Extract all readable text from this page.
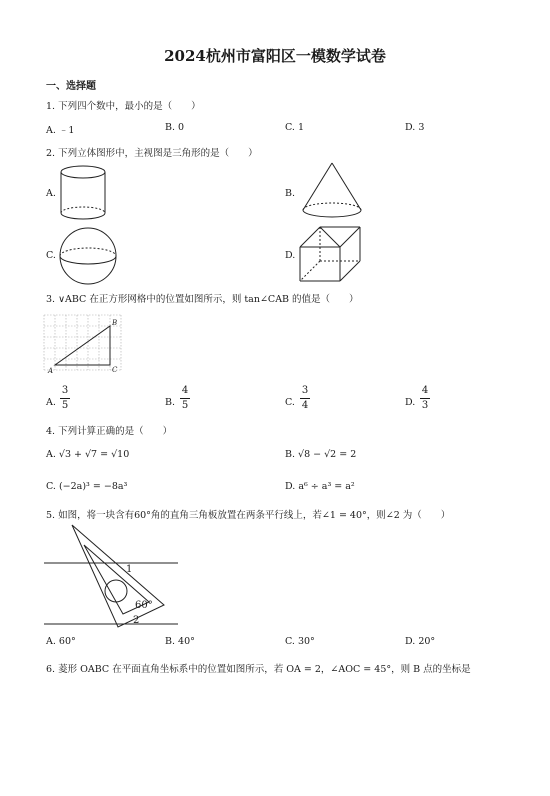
2024杭州市富阳区一模数学试卷
一、选择题
1. 下列四个数中，最小的是（　　）
A. ﹣1	B. 0	C. 1	D. 3
2. 下列立体图形中，主视图是三角形的是（　　）
A.	B.
C.	D.
3. ∨ABC 在正方形网格中的位置如图所示，则 tan∠CAB 的值是（　　）
A
B
C
A.
3
5	B.
4
5	C.
3
4	D.
4
3
4. 下列计算正确的是（　　）
A. √3 + √7 = √10	B. √8 − √2 = 2
C. (−2a)³ = −8a³	D. a⁶ ÷ a³ = a²
5. 如图，将一块含有60°角的直角三角板放置在两条平行线上，若∠1 = 40°，则∠2 为（　　）
1
60°
2
A. 60°	B. 40°	C. 30°	D. 20°
6. 菱形 OABC 在平面直角坐标系中的位置如图所示，若 OA = 2，∠AOC = 45°，则 B 点的坐标是
